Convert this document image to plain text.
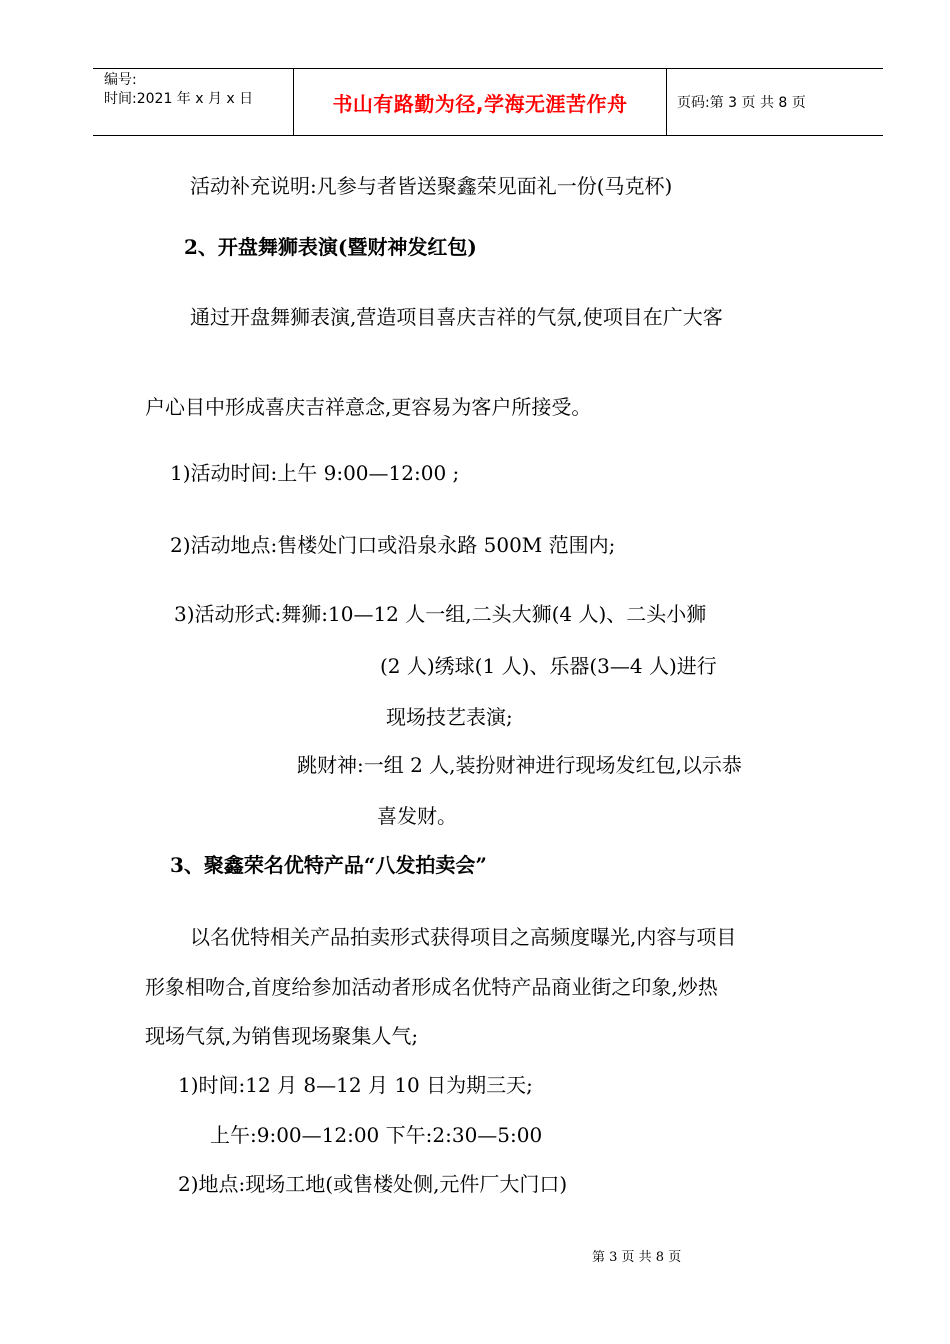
编号:
时间:2021 年 x 月 x 日	书山有路勤为径,学海无涯苦作舟	页码:第 3 页 共 8 页
活动补充说明:凡参与者皆送聚鑫荣见面礼一份(马克杯)
2、开盘舞狮表演(暨财神发红包)
通过开盘舞狮表演,营造项目喜庆吉祥的气氛,使项目在广大客
户心目中形成喜庆吉祥意念,更容易为客户所接受。
1)活动时间:上午 9:00—12:00 ;
2)活动地点:售楼处门口或沿泉永路 500M 范围内;
3)活动形式:舞狮:10—12 人一组,二头大狮(4 人)、二头小狮
(2 人)绣球(1 人)、乐器(3—4 人)进行
现场技艺表演;
跳财神:一组 2 人,装扮财神进行现场发红包,以示恭
喜发财。
3、聚鑫荣名优特产品“八发拍卖会”
以名优特相关产品拍卖形式获得项目之高频度曝光,内容与项目
形象相吻合,首度给参加活动者形成名优特产品商业街之印象,炒热
现场气氛,为销售现场聚集人气;
1)时间:12 月 8—12 月 10 日为期三天;
上午:9:00—12:00 下午:2:30—5:00
2)地点:现场工地(或售楼处侧,元件厂大门口)
第 3 页 共 8 页
